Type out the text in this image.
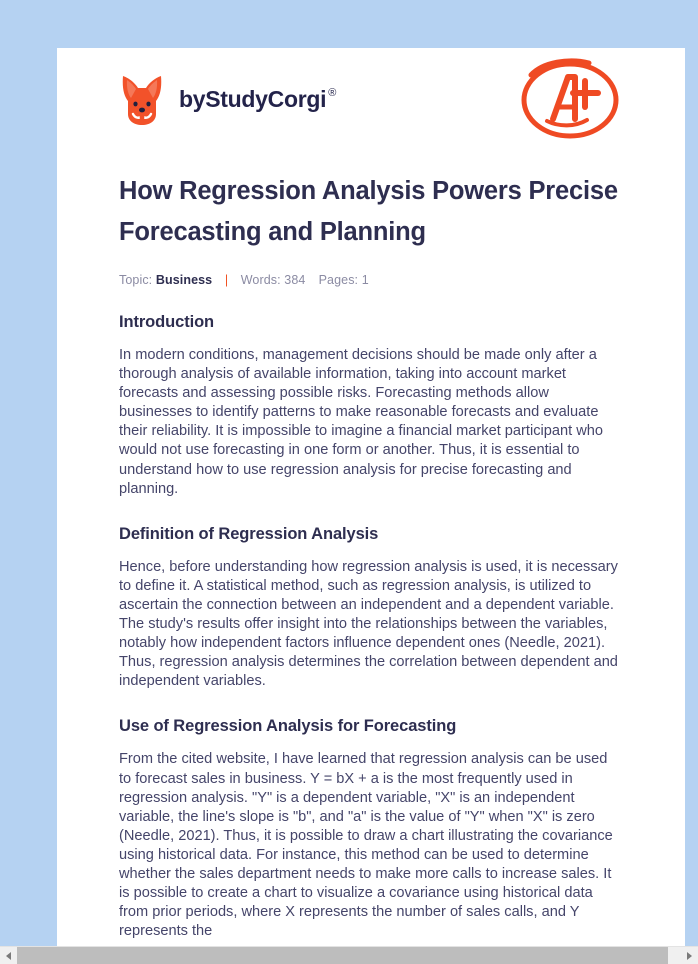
by StudyCorgi ®
How Regression Analysis Powers Precise Forecasting and Planning
Topic: Business | Words: 384 Pages: 1
Introduction

In modern conditions, management decisions should be made only after a thorough analysis of available information, taking into account market forecasts and assessing possible risks. Forecasting methods allow businesses to identify patterns to make reasonable forecasts and evaluate their reliability. It is impossible to imagine a financial market participant who would not use forecasting in one form or another. Thus, it is essential to understand how to use regression analysis for precise forecasting and planning.

Definition of Regression Analysis

Hence, before understanding how regression analysis is used, it is necessary to define it. A statistical method, such as regression analysis, is utilized to ascertain the connection between an independent and a dependent variable. The study's results offer insight into the relationships between the variables, notably how independent factors influence dependent ones (Needle, 2021). Thus, regression analysis determines the correlation between dependent and independent variables.

Use of Regression Analysis for Forecasting

From the cited website, I have learned that regression analysis can be used to forecast sales in business. Y = bX + a is the most frequently used in regression analysis. "Y" is a dependent variable, "X" is an independent variable, the line's slope is "b", and "a" is the value of "Y" when "X" is zero (Needle, 2021). Thus, it is possible to draw a chart illustrating the covariance using historical data. For instance, this method can be used to determine whether the sales department needs to make more calls to increase sales. It is possible to create a chart to visualize a covariance using historical data from prior periods, where X represents the number of sales calls, and Y represents the
